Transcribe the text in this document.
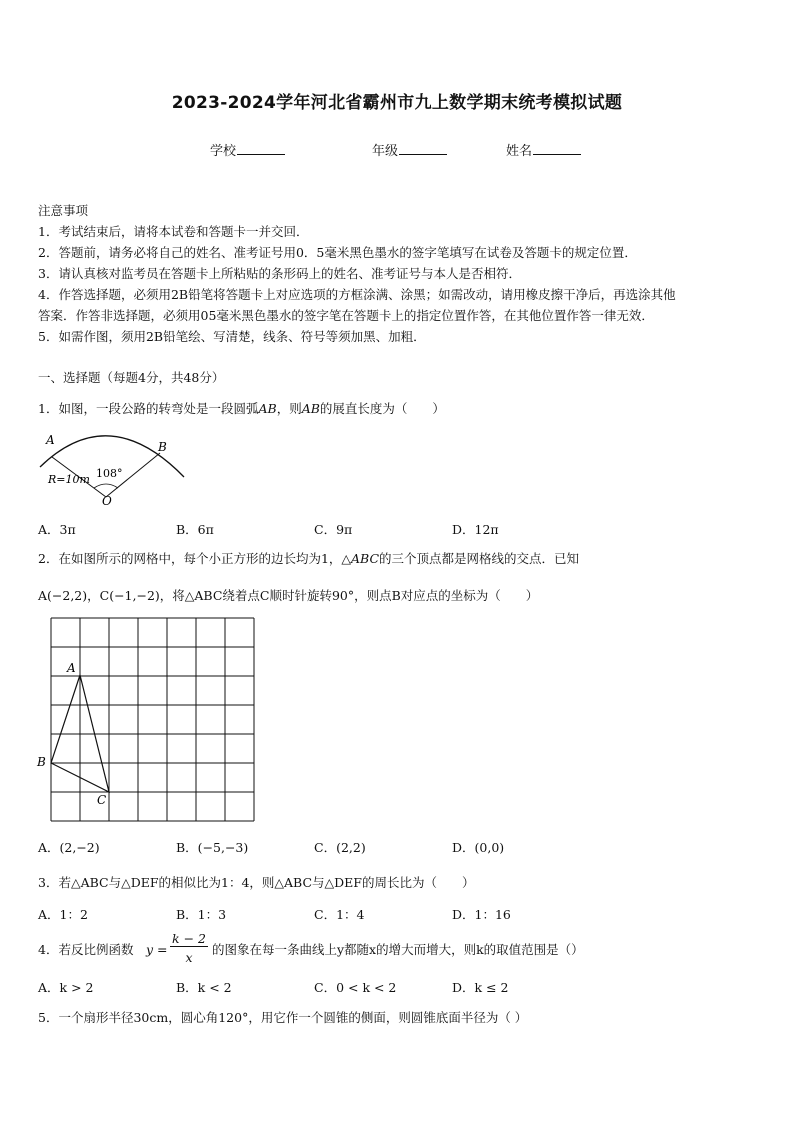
2023-2024学年河北省霸州市九上数学期末统考模拟试题
学校	年级	姓名
注意事项
1．考试结束后，请将本试卷和答题卡一并交回．
2．答题前，请务必将自己的姓名、准考证号用0．5毫米黑色墨水的签字笔填写在试卷及答题卡的规定位置．
3．请认真核对监考员在答题卡上所粘贴的条形码上的姓名、准考证号与本人是否相符．
4．作答选择题，必须用2B铅笔将答题卡上对应选项的方框涂满、涂黑；如需改动，请用橡皮擦干净后，再选涂其他
答案．作答非选择题，必须用05毫米黑色墨水的签字笔在答题卡上的指定位置作答，在其他位置作答一律无效．
5．如需作图，须用2B铅笔绘、写清楚，线条、符号等须加黑、加粗．
一、选择题（每题4分，共48分）
1．如图，一段公路的转弯处是一段圆弧AB，则AB的展直长度为（　　）
A	B
R=10m 108°
O
A．3π	B．6π	C．9π	D．12π
2．在如图所示的网格中，每个小正方形的边长均为1，△ABC的三个顶点都是网格线的交点．已知
A(−2,2)，C(−1,−2)，将△ABC绕着点C顺时针旋转90°，则点B对应点的坐标为（　　）
A
B
C
A．(2,−2)	B．(−5,−3)	C．(2,2)	D．(0,0)
3．若△ABC与△DEF的相似比为1：4，则△ABC与△DEF的周长比为（　　）
A．1：2	B．1：3	C．1：4	D．1：16
4．若反比例函数 y =
k − 2
x
的图象在每一条曲线上y都随x的增大而增大，则k的取值范围是（）
A．k > 2	B．k < 2	C．0 < k < 2	D．k ≤ 2
5．一个扇形半径30cm，圆心角120°，用它作一个圆锥的侧面，则圆锥底面半径为（ ）
